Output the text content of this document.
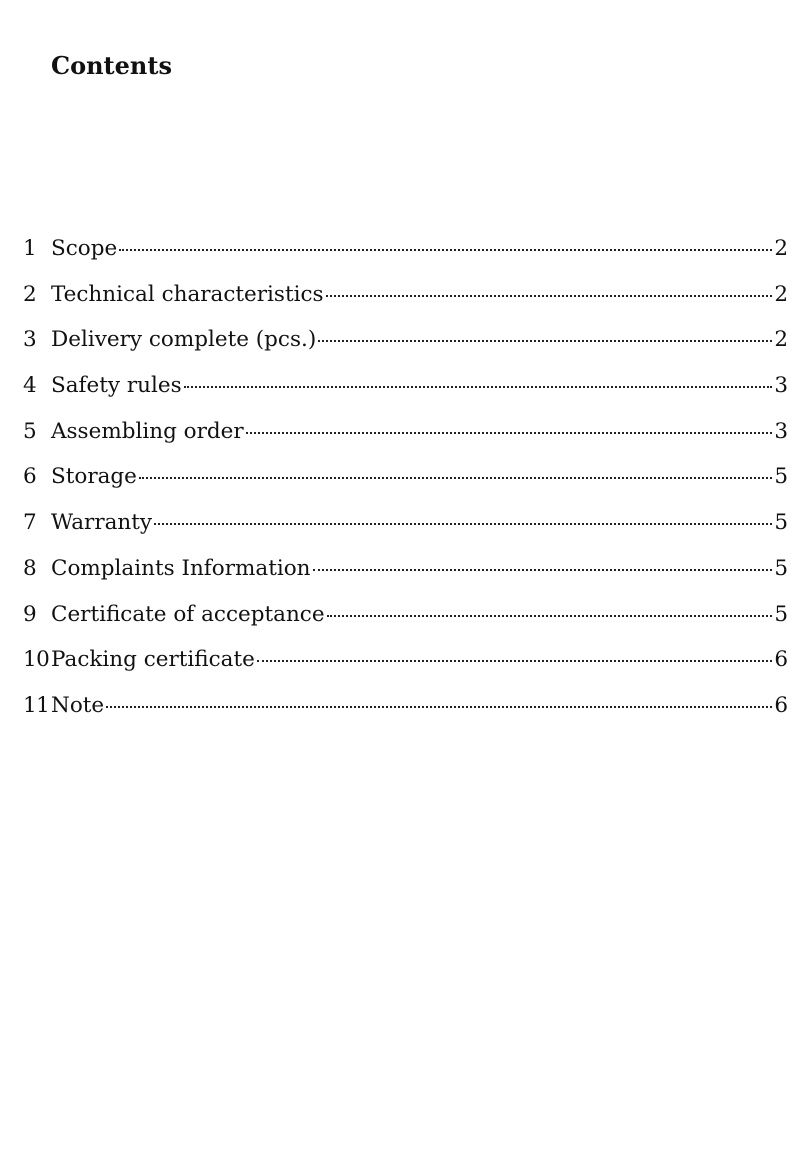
Contents
1 Scope	2
2 Technical characteristics	2
3 Delivery complete (pcs.)	2
4 Safety rules	3
5 Assembling order	3
6 Storage	5
7 Warranty	5
8 Complaints Information	5
9 Certificate of acceptance	5
10 Packing certificate	6
11 Note	6
